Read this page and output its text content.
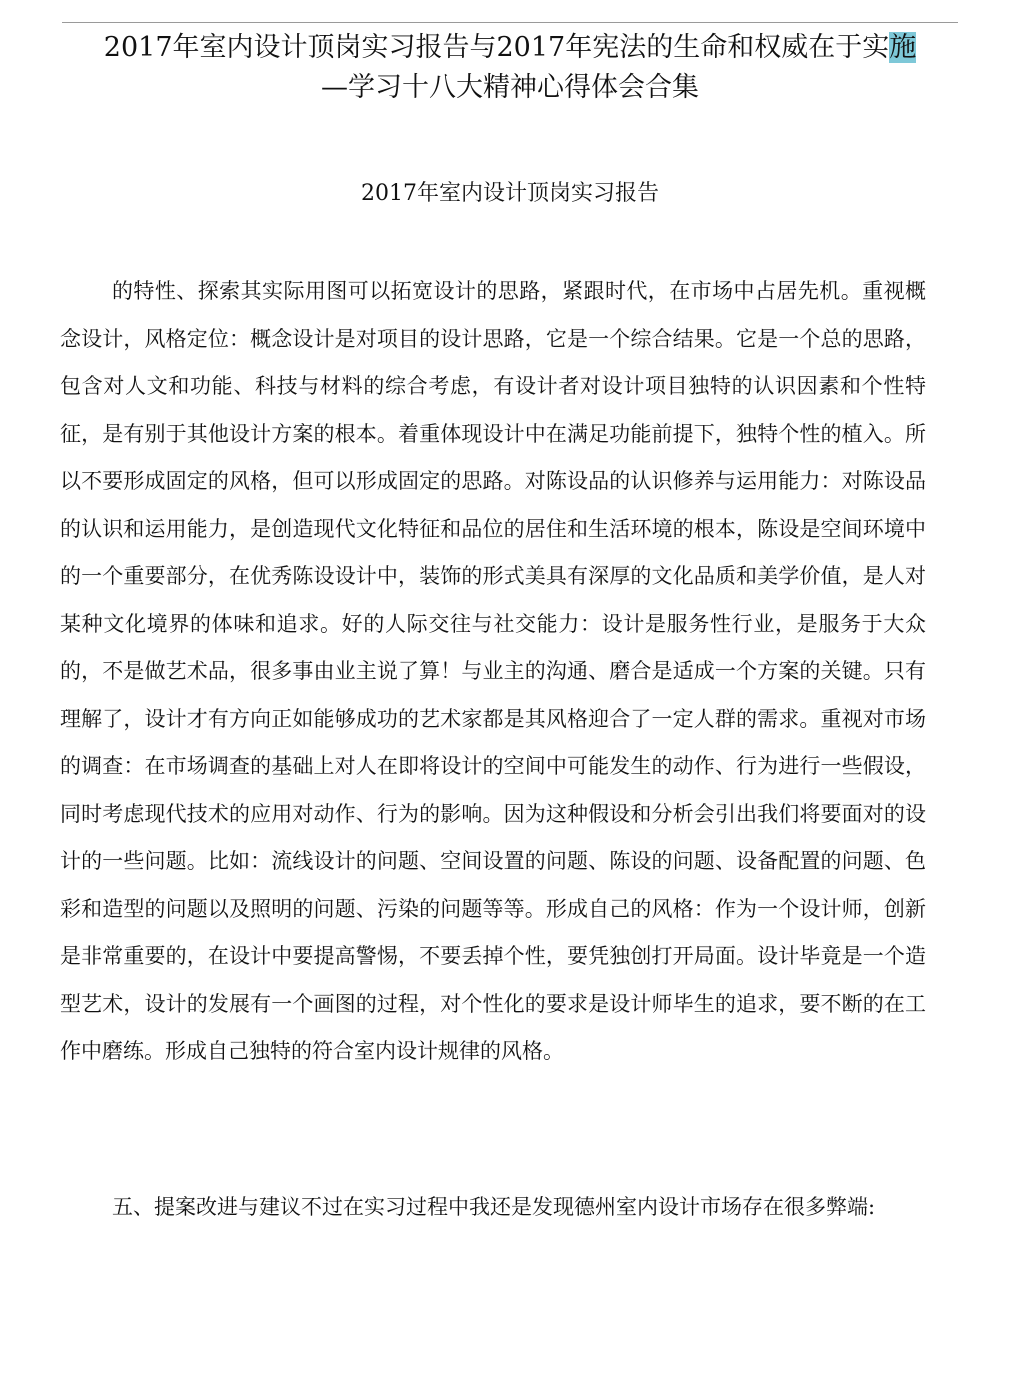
2017年室内设计顶岗实习报告与2017年宪法的生命和权威在于实施
—学习十八大精神心得体会合集
2017年室内设计顶岗实习报告

的特性、探索其实际用图可以拓宽设计的思路，紧跟时代，在市场中占居先机。重视概念设计，风格定位：概念设计是对项目的设计思路，它是一个综合结果。它是一个总的思路，包含对人文和功能、科技与材料的综合考虑，有设计者对设计项目独特的认识因素和个性特征，是有别于其他设计方案的根本。着重体现设计中在满足功能前提下，独特个性的植入。所以不要形成固定的风格，但可以形成固定的思路。对陈设品的认识修养与运用能力：对陈设品的认识和运用能力，是创造现代文化特征和品位的居住和生活环境的根本，陈设是空间环境中的一个重要部分，在优秀陈设设计中，装饰的形式美具有深厚的文化品质和美学价值，是人对某种文化境界的体味和追求。好的人际交往与社交能力：设计是服务性行业，是服务于大众的，不是做艺术品，很多事由业主说了算！与业主的沟通、磨合是适成一个方案的关键。只有理解了，设计才有方向正如能够成功的艺术家都是其风格迎合了一定人群的需求。重视对市场的调查：在市场调查的基础上对人在即将设计的空间中可能发生的动作、行为进行一些假设，同时考虑现代技术的应用对动作、行为的影响。因为这种假设和分析会引出我们将要面对的设计的一些问题。比如：流线设计的问题、空间设置的问题、陈设的问题、设备配置的问题、色彩和造型的问题以及照明的问题、污染的问题等等。形成自己的风格：作为一个设计师，创新是非常重要的，在设计中要提高警惕，不要丢掉个性，要凭独创打开局面。设计毕竟是一个造型艺术，设计的发展有一个画图的过程，对个性化的要求是设计师毕生的追求，要不断的在工作中磨练。形成自己独特的符合室内设计规律的风格。

五、提案改进与建议不过在实习过程中我还是发现德州室内设计市场存在很多弊端:
